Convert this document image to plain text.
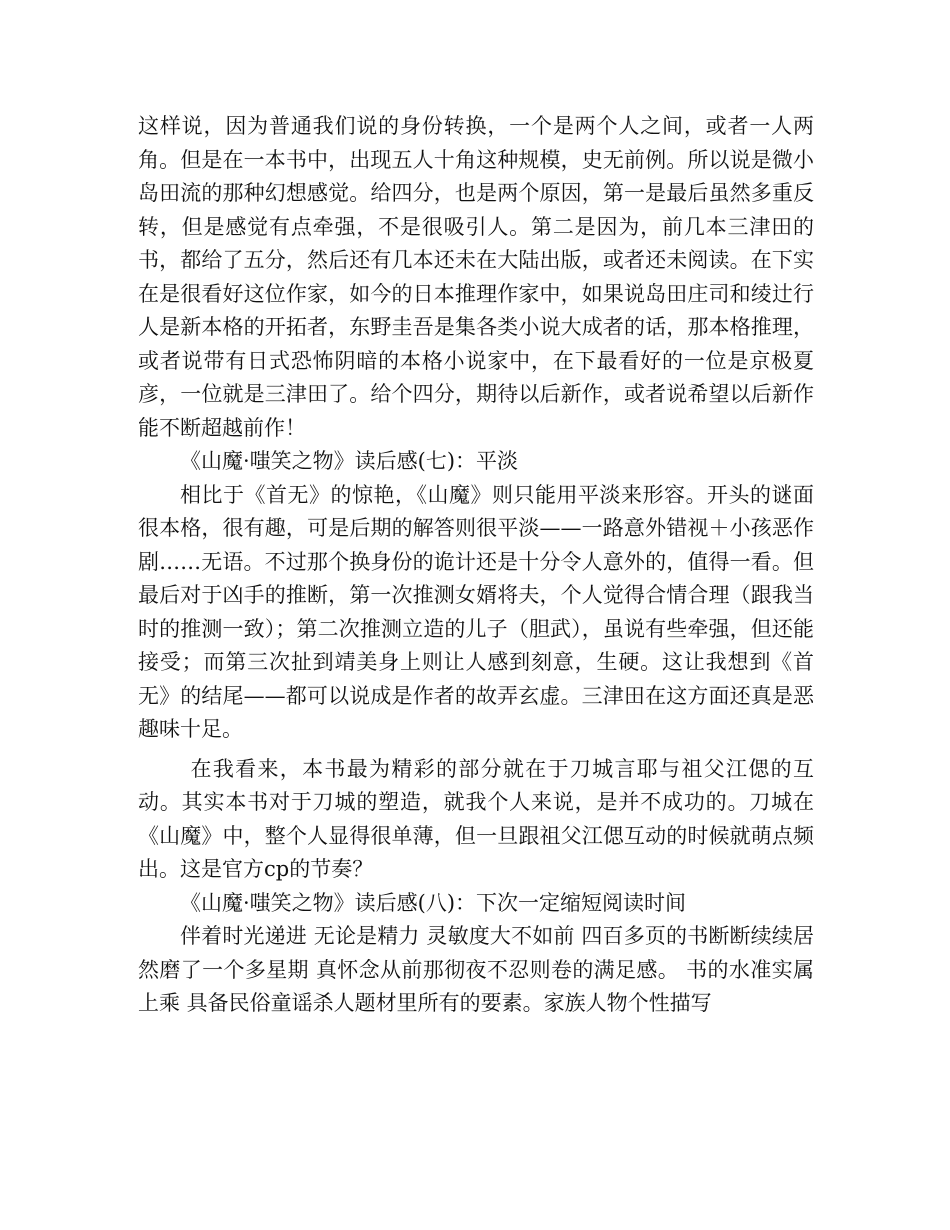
这样说，因为普通我们说的身份转换，一个是两个人之间，或者一人两角。但是在一本书中，出现五人十角这种规模，史无前例。所以说是微小岛田流的那种幻想感觉。给四分，也是两个原因，第一是最后虽然多重反转，但是感觉有点牵强，不是很吸引人。第二是因为，前几本三津田的书，都给了五分，然后还有几本还未在大陆出版，或者还未阅读。在下实在是很看好这位作家，如今的日本推理作家中，如果说岛田庄司和绫辻行人是新本格的开拓者，东野圭吾是集各类小说大成者的话，那本格推理，或者说带有日式恐怖阴暗的本格小说家中，在下最看好的一位是京极夏彦，一位就是三津田了。给个四分，期待以后新作，或者说希望以后新作能不断超越前作！

《山魔·嗤笑之物》读后感(七)：平淡

相比于《首无》的惊艳，《山魔》则只能用平淡来形容。开头的谜面很本格，很有趣，可是后期的解答则很平淡——一路意外错视＋小孩恶作剧……无语。不过那个换身份的诡计还是十分令人意外的，值得一看。但最后对于凶手的推断，第一次推测女婿将夫，个人觉得合情合理（跟我当时的推测一致）；第二次推测立造的儿子（胆武），虽说有些牵强，但还能接受；而第三次扯到靖美身上则让人感到刻意，生硬。这让我想到《首无》的结尾——都可以说成是作者的故弄玄虚。三津田在这方面还真是恶趣味十足。

在我看来，本书最为精彩的部分就在于刀城言耶与祖父江偲的互动。其实本书对于刀城的塑造，就我个人来说，是并不成功的。刀城在《山魔》中，整个人显得很单薄，但一旦跟祖父江偲互动的时候就萌点频出。这是官方cp的节奏？

《山魔·嗤笑之物》读后感(八)：下次一定缩短阅读时间

伴着时光递进 无论是精力 灵敏度大不如前 四百多页的书断断续续居然磨了一个多星期 真怀念从前那彻夜不忍则卷的满足感。 书的水准实属上乘 具备民俗童谣杀人题材里所有的要素。家族人物个性描写
